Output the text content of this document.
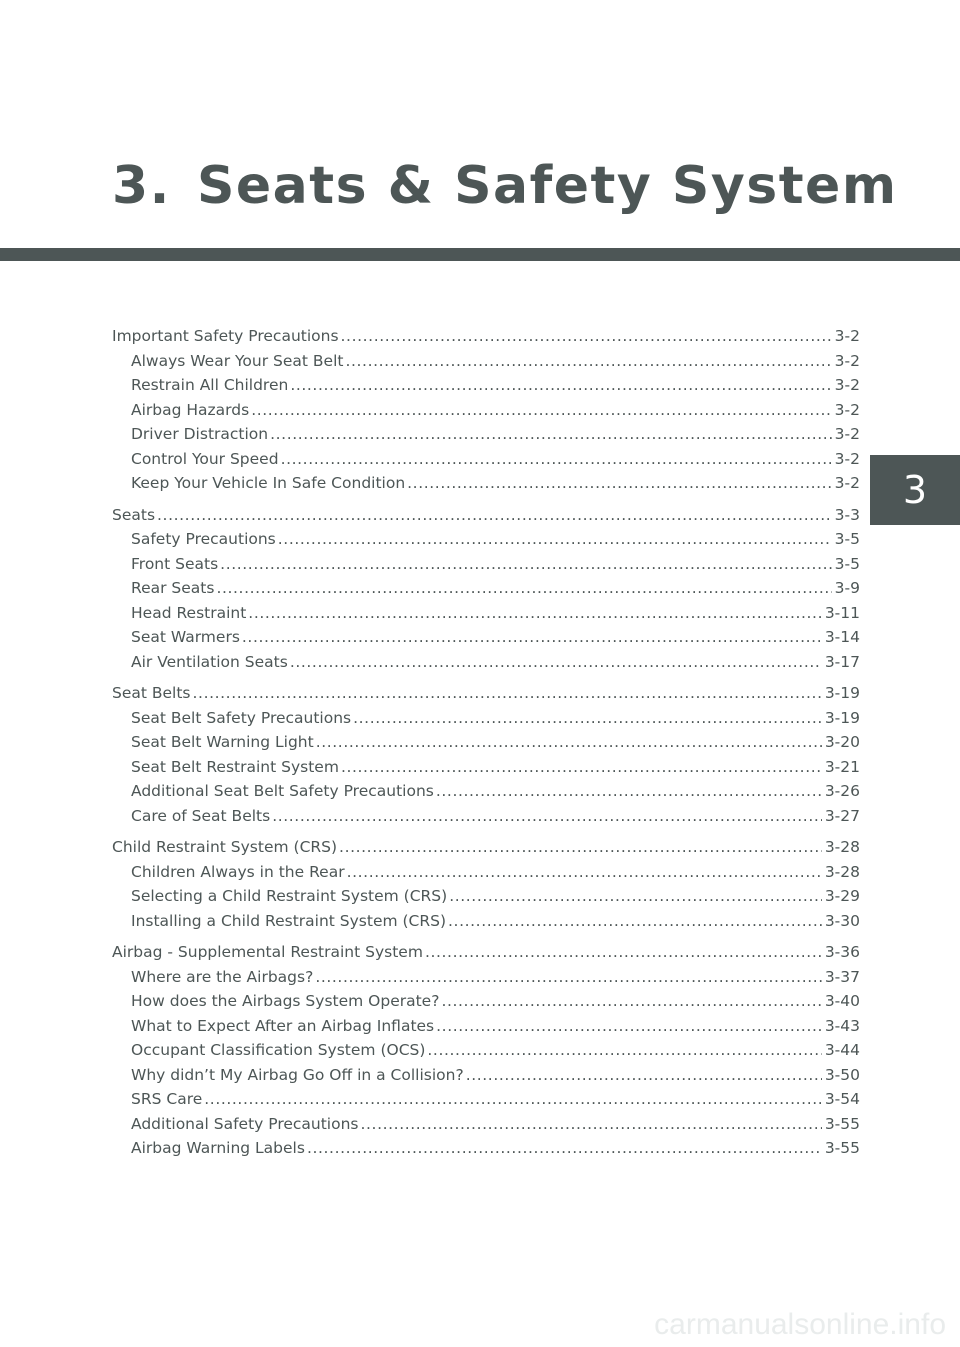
3. Seats & Safety System
3
Important Safety Precautions .....	3-2
Always Wear Your Seat Belt .....	3-2
Restrain All Children .....	3-2
Airbag Hazards .....	3-2
Driver Distraction .....	3-2
Control Your Speed .....	3-2
Keep Your Vehicle In Safe Condition .....	3-2
Seats .....	3-3
Safety Precautions .....	3-5
Front Seats .....	3-5
Rear Seats .....	3-9
Head Restraint .....	3-11
Seat Warmers .....	3-14
Air Ventilation Seats .....	3-17
Seat Belts .....	3-19
Seat Belt Safety Precautions .....	3-19
Seat Belt Warning Light .....	3-20
Seat Belt Restraint System .....	3-21
Additional Seat Belt Safety Precautions .....	3-26
Care of Seat Belts .....	3-27
Child Restraint System (CRS) .....	3-28
Children Always in the Rear .....	3-28
Selecting a Child Restraint System (CRS) .....	3-29
Installing a Child Restraint System (CRS) .....	3-30
Airbag - Supplemental Restraint System .....	3-36
Where are the Airbags? .....	3-37
How does the Airbags System Operate? .....	3-40
What to Expect After an Airbag Inflates .....	3-43
Occupant Classification System (OCS) .....	3-44
Why didn’t My Airbag Go Off in a Collision? .....	3-50
SRS Care .....	3-54
Additional Safety Precautions .....	3-55
Airbag Warning Labels .....	3-55
carmanualsonline.info
